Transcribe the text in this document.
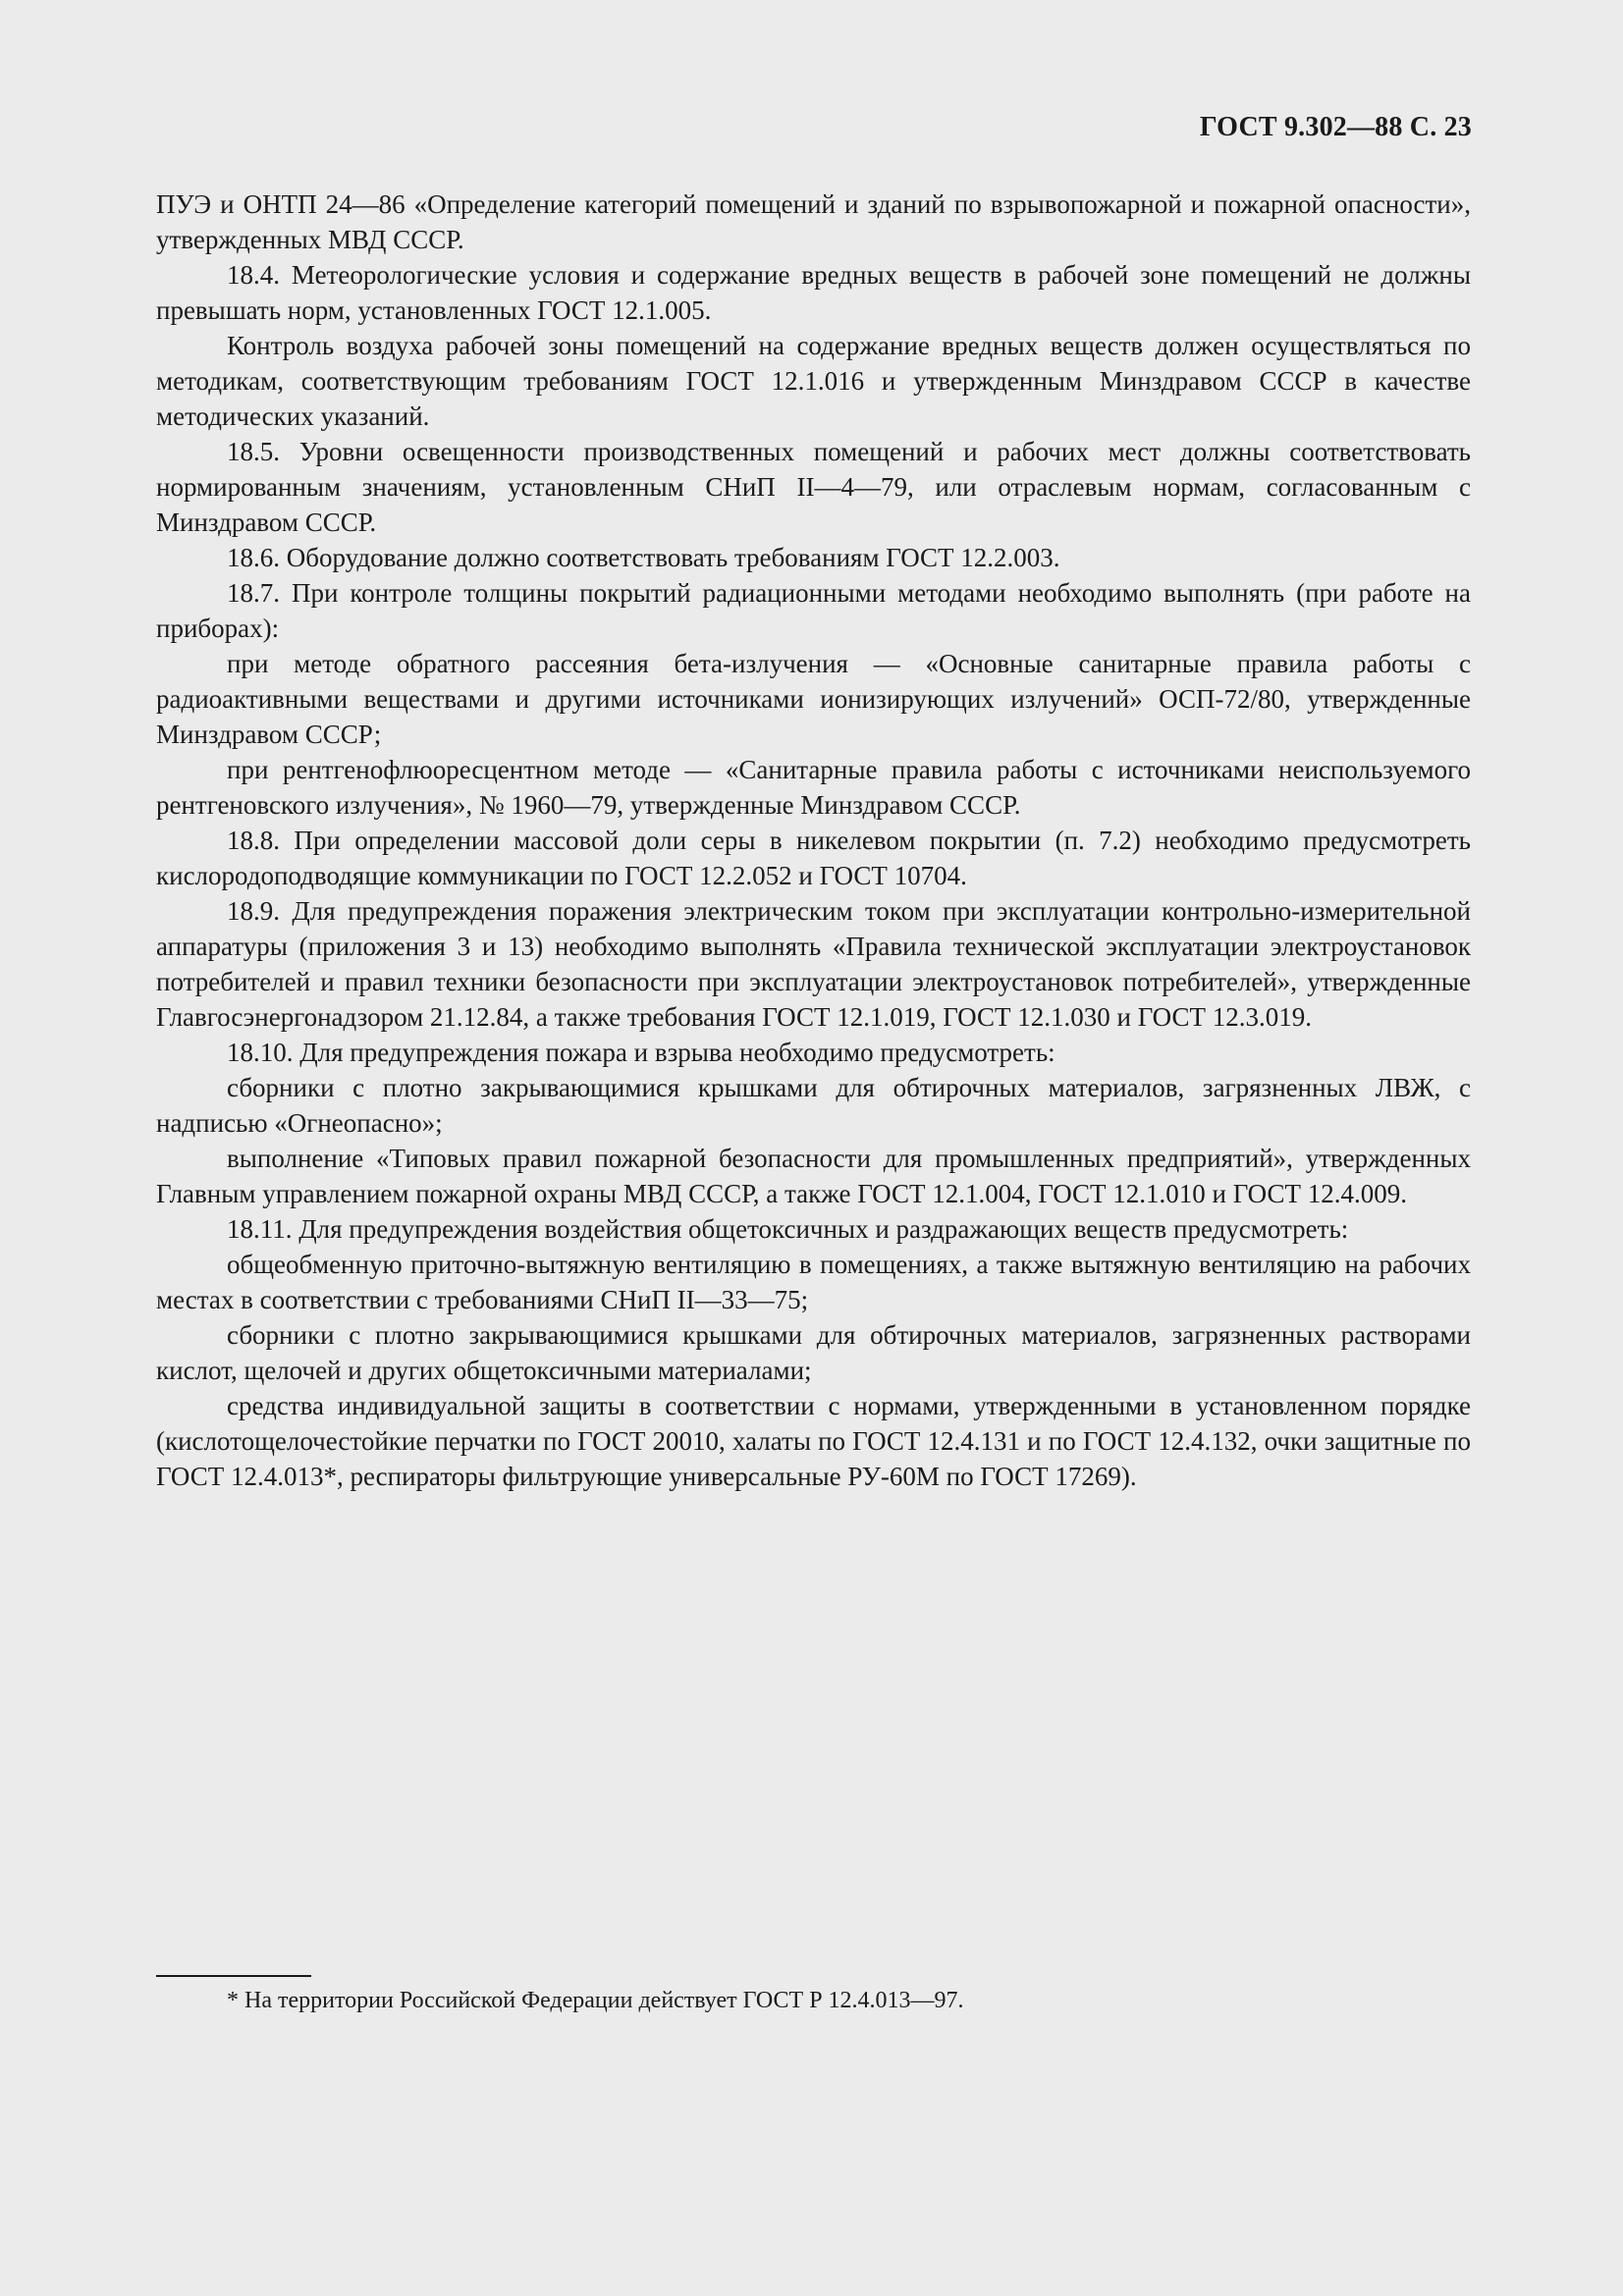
ГОСТ 9.302—88 С. 23

ПУЭ и ОНТП 24—86 «Определение категорий помещений и зданий по взрывопожарной и пожарной опасности», утвержденных МВД СССР.

18.4. Метеорологические условия и содержание вредных веществ в рабочей зоне помещений не должны превышать норм, установленных ГОСТ 12.1.005.

Контроль воздуха рабочей зоны помещений на содержание вредных веществ должен осуществляться по методикам, соответствующим требованиям ГОСТ 12.1.016 и утвержденным Минздравом СССР в качестве методических указаний.

18.5. Уровни освещенности производственных помещений и рабочих мест должны соответствовать нормированным значениям, установленным СНиП II—4—79, или отраслевым нормам, согласованным с Минздравом СССР.

18.6. Оборудование должно соответствовать требованиям ГОСТ 12.2.003.

18.7. При контроле толщины покрытий радиационными методами необходимо выполнять (при работе на приборах):

при методе обратного рассеяния бета-излучения — «Основные санитарные правила работы с радиоактивными веществами и другими источниками ионизирующих излучений» ОСП-72/80, утвержденные Минздравом СССР;

при рентгенофлюоресцентном методе — «Санитарные правила работы с источниками неиспользуемого рентгеновского излучения», № 1960—79, утвержденные Минздравом СССР.

18.8. При определении массовой доли серы в никелевом покрытии (п. 7.2) необходимо предусмотреть кислородоподводящие коммуникации по ГОСТ 12.2.052 и ГОСТ 10704.

18.9. Для предупреждения поражения электрическим током при эксплуатации контрольно-измерительной аппаратуры (приложения 3 и 13) необходимо выполнять «Правила технической эксплуатации электроустановок потребителей и правил техники безопасности при эксплуатации электроустановок потребителей», утвержденные Главгосэнергонадзором 21.12.84, а также требования ГОСТ 12.1.019, ГОСТ 12.1.030 и ГОСТ 12.3.019.

18.10. Для предупреждения пожара и взрыва необходимо предусмотреть:

сборники с плотно закрывающимися крышками для обтирочных материалов, загрязненных ЛВЖ, с надписью «Огнеопасно»;

выполнение «Типовых правил пожарной безопасности для промышленных предприятий», утвержденных Главным управлением пожарной охраны МВД СССР, а также ГОСТ 12.1.004, ГОСТ 12.1.010 и ГОСТ 12.4.009.

18.11. Для предупреждения воздействия общетоксичных и раздражающих веществ предусмотреть:

общеобменную приточно-вытяжную вентиляцию в помещениях, а также вытяжную вентиляцию на рабочих местах в соответствии с требованиями СНиП II—33—75;

сборники с плотно закрывающимися крышками для обтирочных материалов, загрязненных растворами кислот, щелочей и других общетоксичными материалами;

средства индивидуальной защиты в соответствии с нормами, утвержденными в установленном порядке (кислотощелочестойкие перчатки по ГОСТ 20010, халаты по ГОСТ 12.4.131 и по ГОСТ 12.4.132, очки защитные по ГОСТ 12.4.013*, респираторы фильтрующие универсальные РУ-60М по ГОСТ 17269).

* На территории Российской Федерации действует ГОСТ Р 12.4.013—97.
